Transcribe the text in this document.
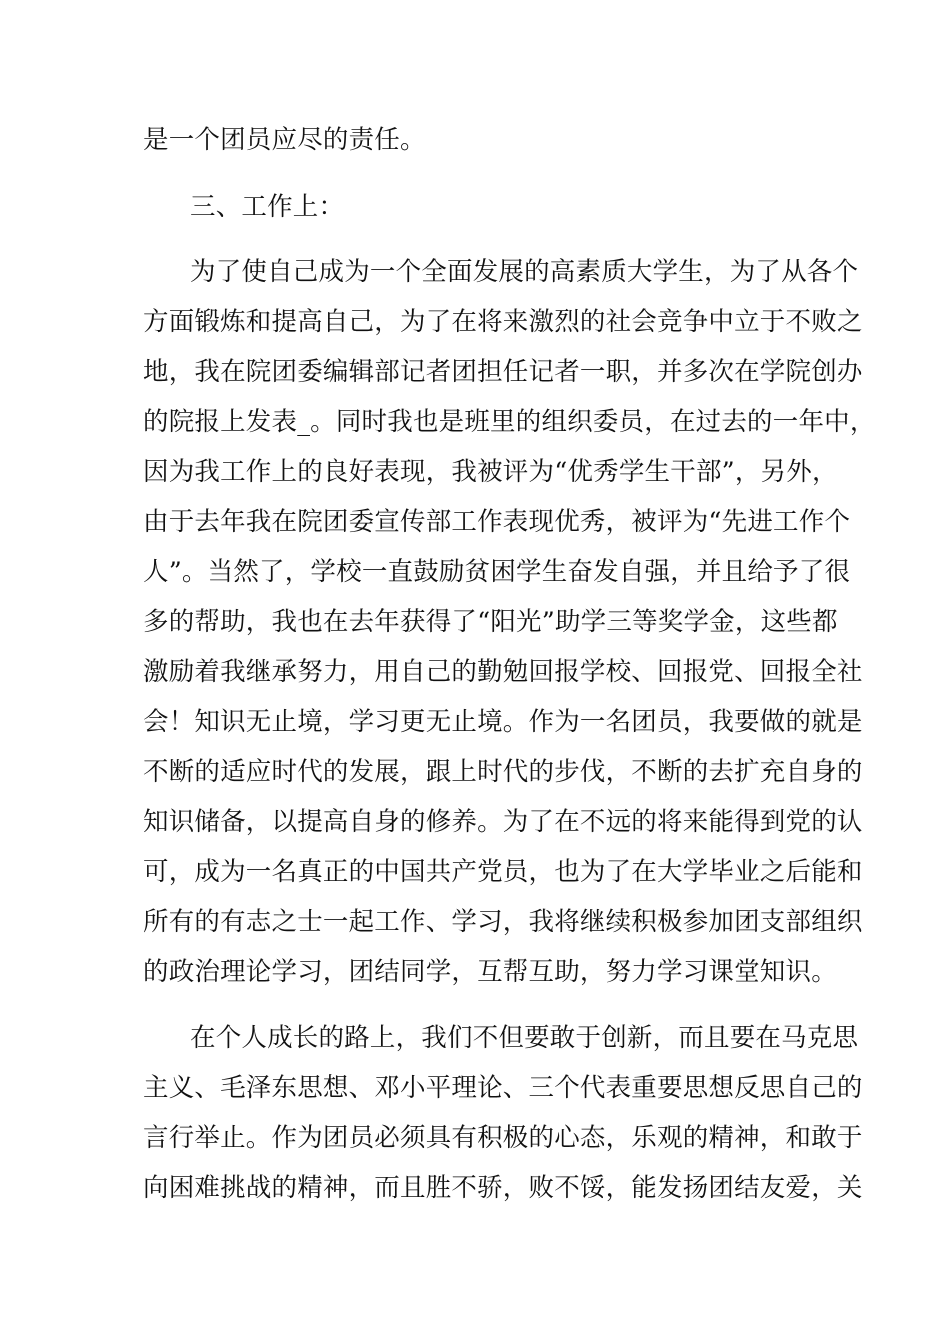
是一个团员应尽的责任。
三、工作上：
为了使自己成为一个全面发展的高素质大学生，为了从各个
方面锻炼和提高自己，为了在将来激烈的社会竞争中立于不败之
地，我在院团委编辑部记者团担任记者一职，并多次在学院创办
的院报上发表_。同时我也是班里的组织委员，在过去的一年中，
因为我工作上的良好表现，我被评为“优秀学生干部”，另外，
由于去年我在院团委宣传部工作表现优秀，被评为“先进工作个
人”。当然了，学校一直鼓励贫困学生奋发自强，并且给予了很
多的帮助，我也在去年获得了“阳光”助学三等奖学金，这些都
激励着我继承努力，用自己的勤勉回报学校、回报党、回报全社
会！知识无止境，学习更无止境。作为一名团员，我要做的就是
不断的适应时代的发展，跟上时代的步伐，不断的去扩充自身的
知识储备，以提高自身的修养。为了在不远的将来能得到党的认
可，成为一名真正的中国共产党员，也为了在大学毕业之后能和
所有的有志之士一起工作、学习，我将继续积极参加团支部组织
的政治理论学习，团结同学，互帮互助，努力学习课堂知识。
在个人成长的路上，我们不但要敢于创新，而且要在马克思
主义、毛泽东思想、邓小平理论、三个代表重要思想反思自己的
言行举止。作为团员必须具有积极的心态，乐观的精神，和敢于
向困难挑战的精神，而且胜不骄，败不馁，能发扬团结友爱，关
